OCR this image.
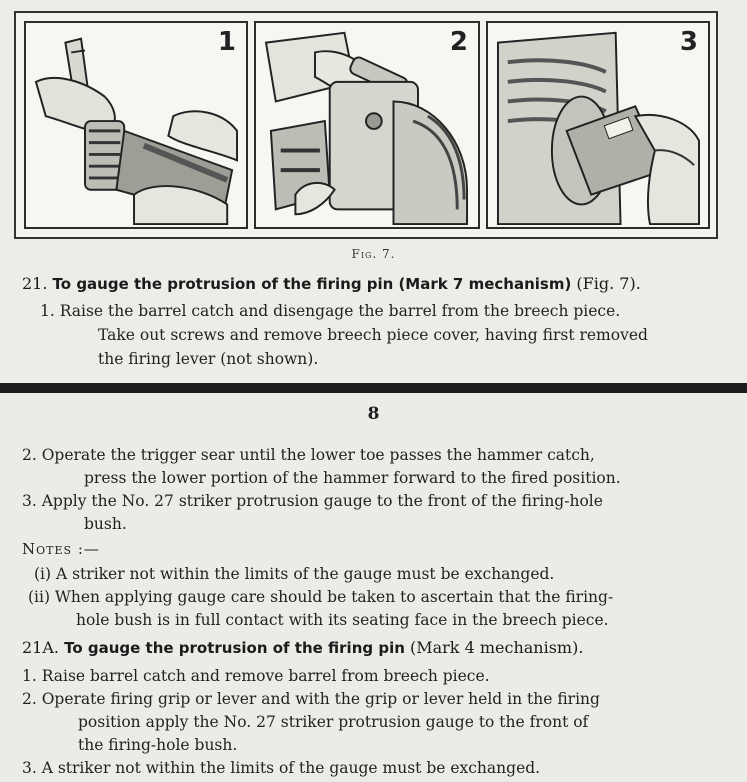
1	2	3
Fig. 7.
21. To gauge the protrusion of the firing pin (Mark 7 mechanism) (Fig. 7).
1. Raise the barrel catch and disengage the barrel from the breech piece.
Take out screws and remove breech piece cover, having first removed
the firing lever (not shown).
8
2. Operate the trigger sear until the lower toe passes the hammer catch,
press the lower portion of the hammer forward to the fired position.
3. Apply the No. 27 striker protrusion gauge to the front of the firing-hole
bush.
Notes :—
(i) A striker not within the limits of the gauge must be exchanged.
(ii) When applying gauge care should be taken to ascertain that the firing-
hole bush is in full contact with its seating face in the breech piece.
21A. To gauge the protrusion of the firing pin (Mark 4 mechanism).
1. Raise barrel catch and remove barrel from breech piece.
2. Operate firing grip or lever and with the grip or lever held in the firing
position apply the No. 27 striker protrusion gauge to the front of
the firing-hole bush.
3. A striker not within the limits of the gauge must be exchanged.
